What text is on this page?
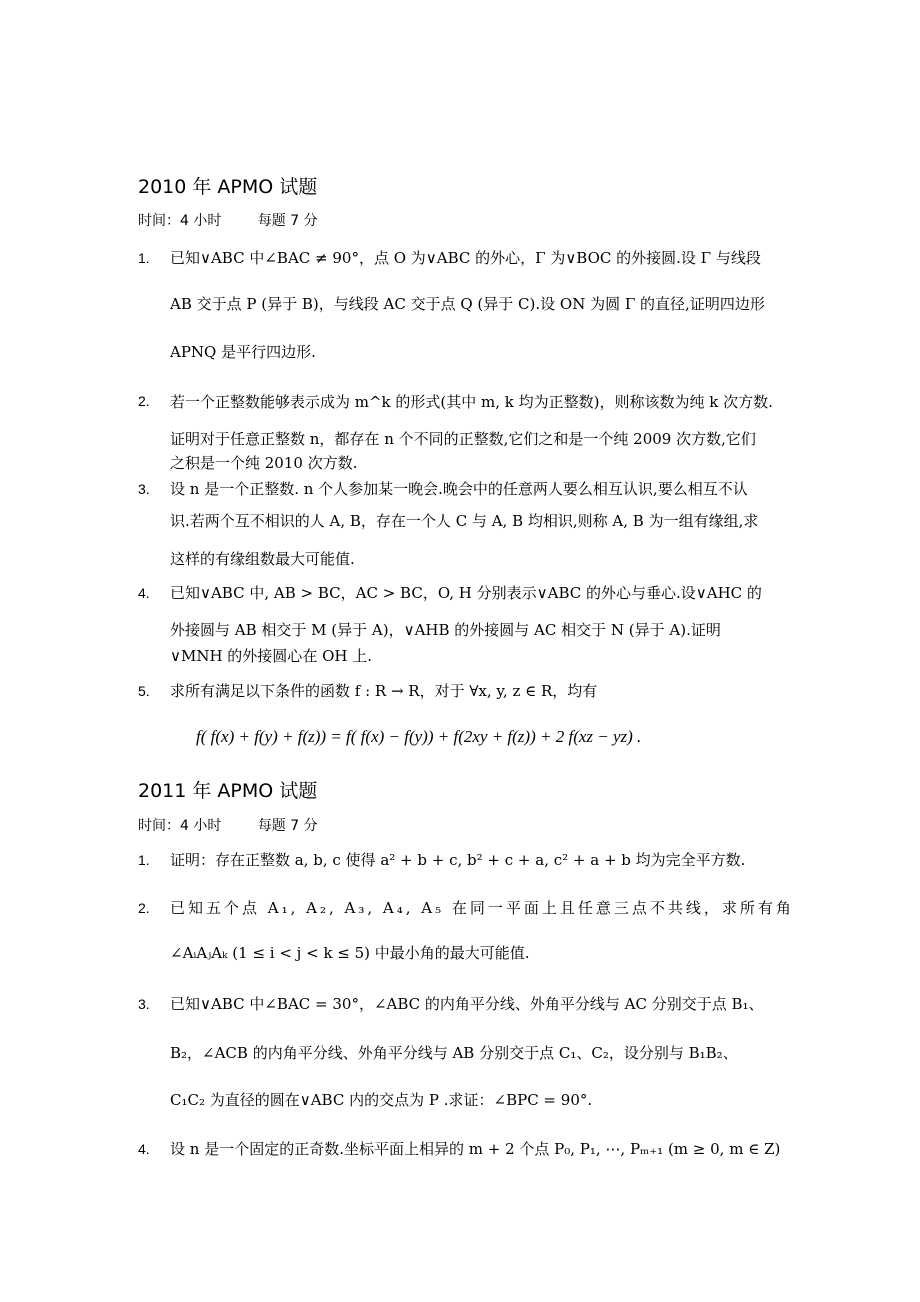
2010 年 APMO 试题
时间：4 小时	每题 7 分
1. 已知∨ABC 中∠BAC ≠ 90°，点 O 为∨ABC 的外心，Γ 为∨BOC 的外接圆.设 Γ 与线段
AB 交于点 P (异于 B)，与线段 AC 交于点 Q (异于 C).设 ON 为圆 Γ 的直径,证明四边形
APNQ 是平行四边形.
2. 若一个正整数能够表示成为 m^k 的形式(其中 m, k 均为正整数)，则称该数为纯 k 次方数.
证明对于任意正整数 n，都存在 n 个不同的正整数,它们之和是一个纯 2009 次方数,它们
之积是一个纯 2010 次方数.
3. 设 n 是一个正整数. n 个人参加某一晚会.晚会中的任意两人要么相互认识,要么相互不认
识.若两个互不相识的人 A, B，存在一个人 C 与 A, B 均相识,则称 A, B 为一组有缘组,求
这样的有缘组数最大可能值.
4. 已知∨ABC 中, AB > BC，AC > BC，O, H 分别表示∨ABC 的外心与垂心.设∨AHC 的
外接圆与 AB 相交于 M (异于 A)，∨AHB 的外接圆与 AC 相交于 N (异于 A).证明
∨MNH 的外接圆心在 OH 上.
5. 求所有满足以下条件的函数 f : R → R，对于 ∀x, y, z ∈ R，均有
f( f(x) + f(y) + f(z)) = f( f(x) − f(y)) + f(2xy + f(z)) + 2 f(xz − yz) .
2011 年 APMO 试题
时间：4 小时	每题 7 分
1. 证明：存在正整数 a, b, c 使得 a² + b + c, b² + c + a, c² + a + b 均为完全平方数.
2. 已知五个点 A₁, A₂, A₃, A₄, A₅ 在同一平面上且任意三点不共线，求所有角
∠AᵢAⱼAₖ (1 ≤ i < j < k ≤ 5) 中最小角的最大可能值.
3. 已知∨ABC 中∠BAC = 30°，∠ABC 的内角平分线、外角平分线与 AC 分别交于点 B₁、
B₂，∠ACB 的内角平分线、外角平分线与 AB 分别交于点 C₁、C₂，设分别与 B₁B₂、
C₁C₂ 为直径的圆在∨ABC 内的交点为 P .求证：∠BPC = 90°.
4. 设 n 是一个固定的正奇数.坐标平面上相异的 m + 2 个点 P₀, P₁, ⋯, Pₘ₊₁ (m ≥ 0, m ∈ Z)
